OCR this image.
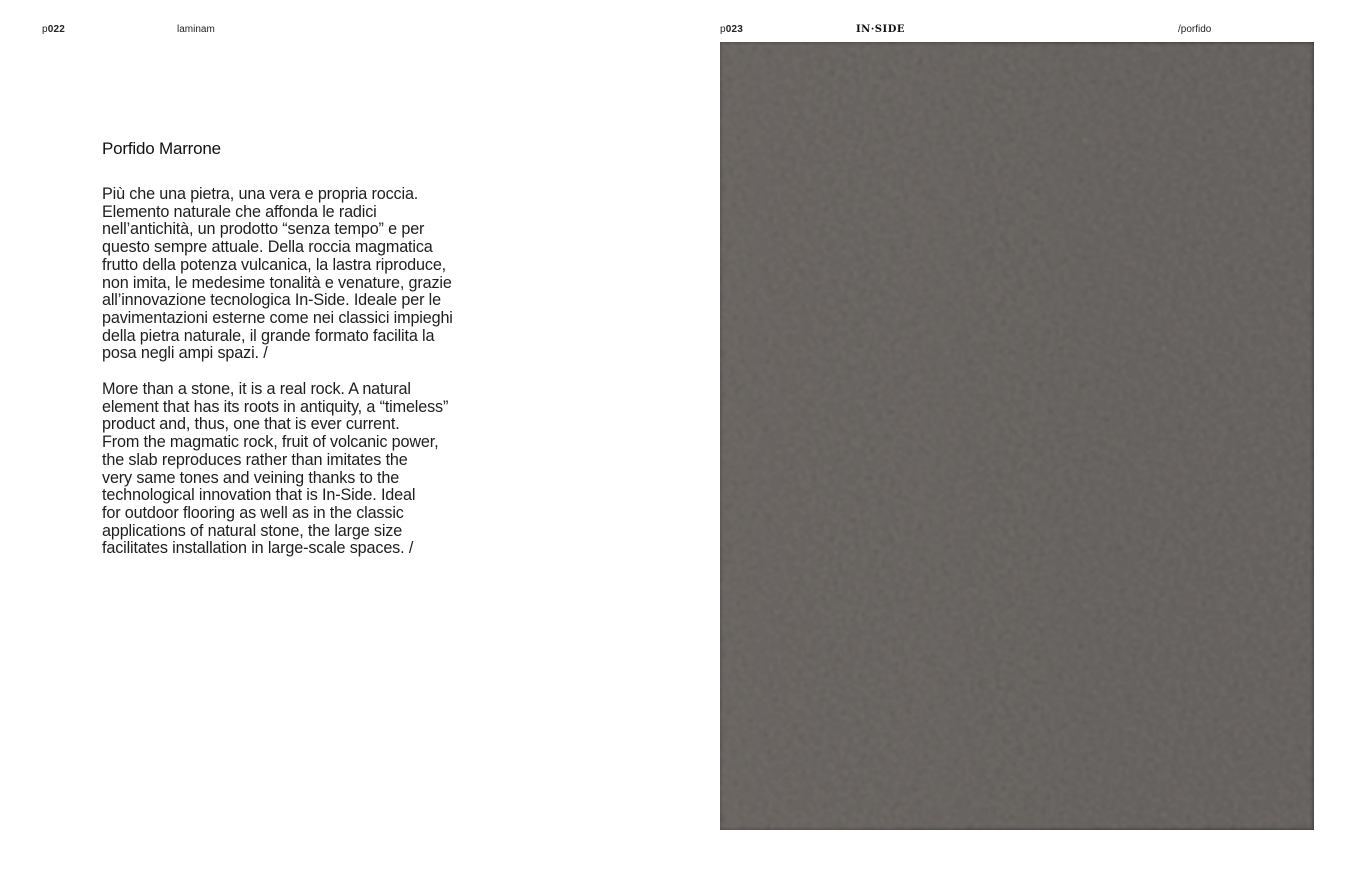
p022	laminam
Porfido Marrone

Più che una pietra, una vera e propria roccia.
Elemento naturale che affonda le radici
nell’antichità, un prodotto “senza tempo” e per
questo sempre attuale. Della roccia magmatica
frutto della potenza vulcanica, la lastra riproduce,
non imita, le medesime tonalità e venature, grazie
all’innovazione tecnologica In-Side. Ideale per le
pavimentazioni esterne come nei classici impieghi
della pietra naturale, il grande formato facilita la
posa negli ampi spazi. /

More than a stone, it is a real rock. A natural
element that has its roots in antiquity, a “timeless”
product and, thus, one that is ever current.
From the magmatic rock, fruit of volcanic power,
the slab reproduces rather than imitates the
very same tones and veining thanks to the
technological innovation that is In-Side. Ideal
for outdoor flooring as well as in the classic
applications of natural stone, the large size
facilitates installation in large-scale spaces. /

p023	IN·SIDE	/porfido
